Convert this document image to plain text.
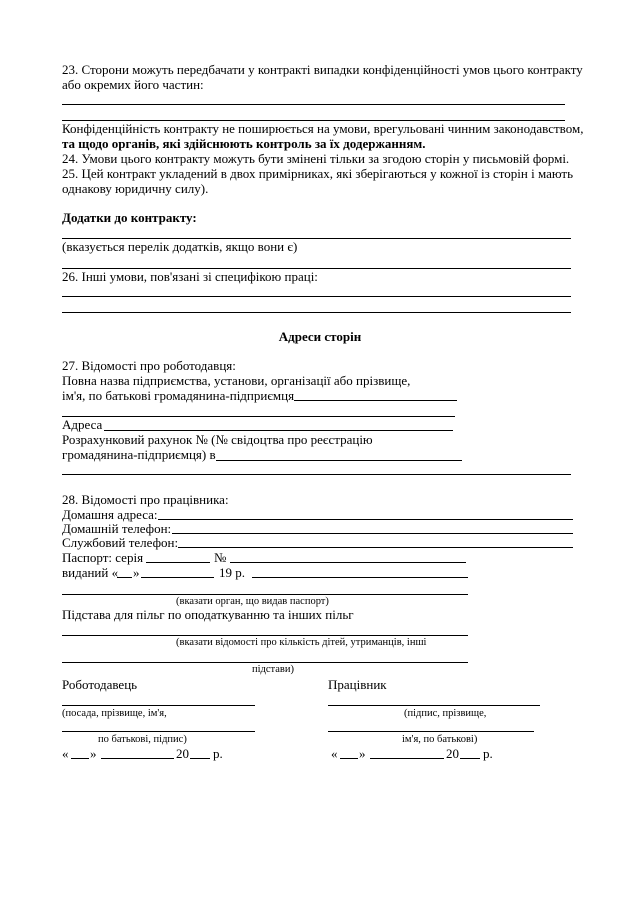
23. Сторони можуть передбачати у контракті випадки конфіденційності умов цього контракту
або окремих його частин:
Конфіденційність контракту не поширюється на умови, врегульовані чинним законодавством,
та щодо органів, які здійснюють контроль за їх додержанням.
24. Умови цього контракту можуть бути змінені тільки за згодою сторін у письмовій формі.
25. Цей контракт укладений в двох примірниках, які зберігаються у кожної із сторін і мають
однакову юридичну силу).
Додатки до контракту:
(вказується перелік додатків, якщо вони є)
26. Інші умови, пов'язані зі специфікою праці:
Адреси сторін
27. Відомості про роботодавця:
Повна назва підприємства, установи, організації або прізвище,
ім'я, по батькові громадянина-підприємця
Адреса
Розрахунковий рахунок № (№ свідоцтва про реєстрацію
громадянина-підприємця) в
28. Відомості про працівника:
Домашня адреса:
Домашній телефон:
Службовий телефон:
Паспорт: серія	№
виданий « »	19 р.
(вказати орган, що видав паспорт)
Підстава для пільг по оподаткуванню та інших пільг
(вказати відомості про кількість дітей, утриманців, інші
підстави)
Роботодавець
(посада, прізвище, ім'я,
по батькові, підпис)
« »	20 р.
Працівник
(підпис, прізвище,
ім'я, по батькові)
« »	20 р.
